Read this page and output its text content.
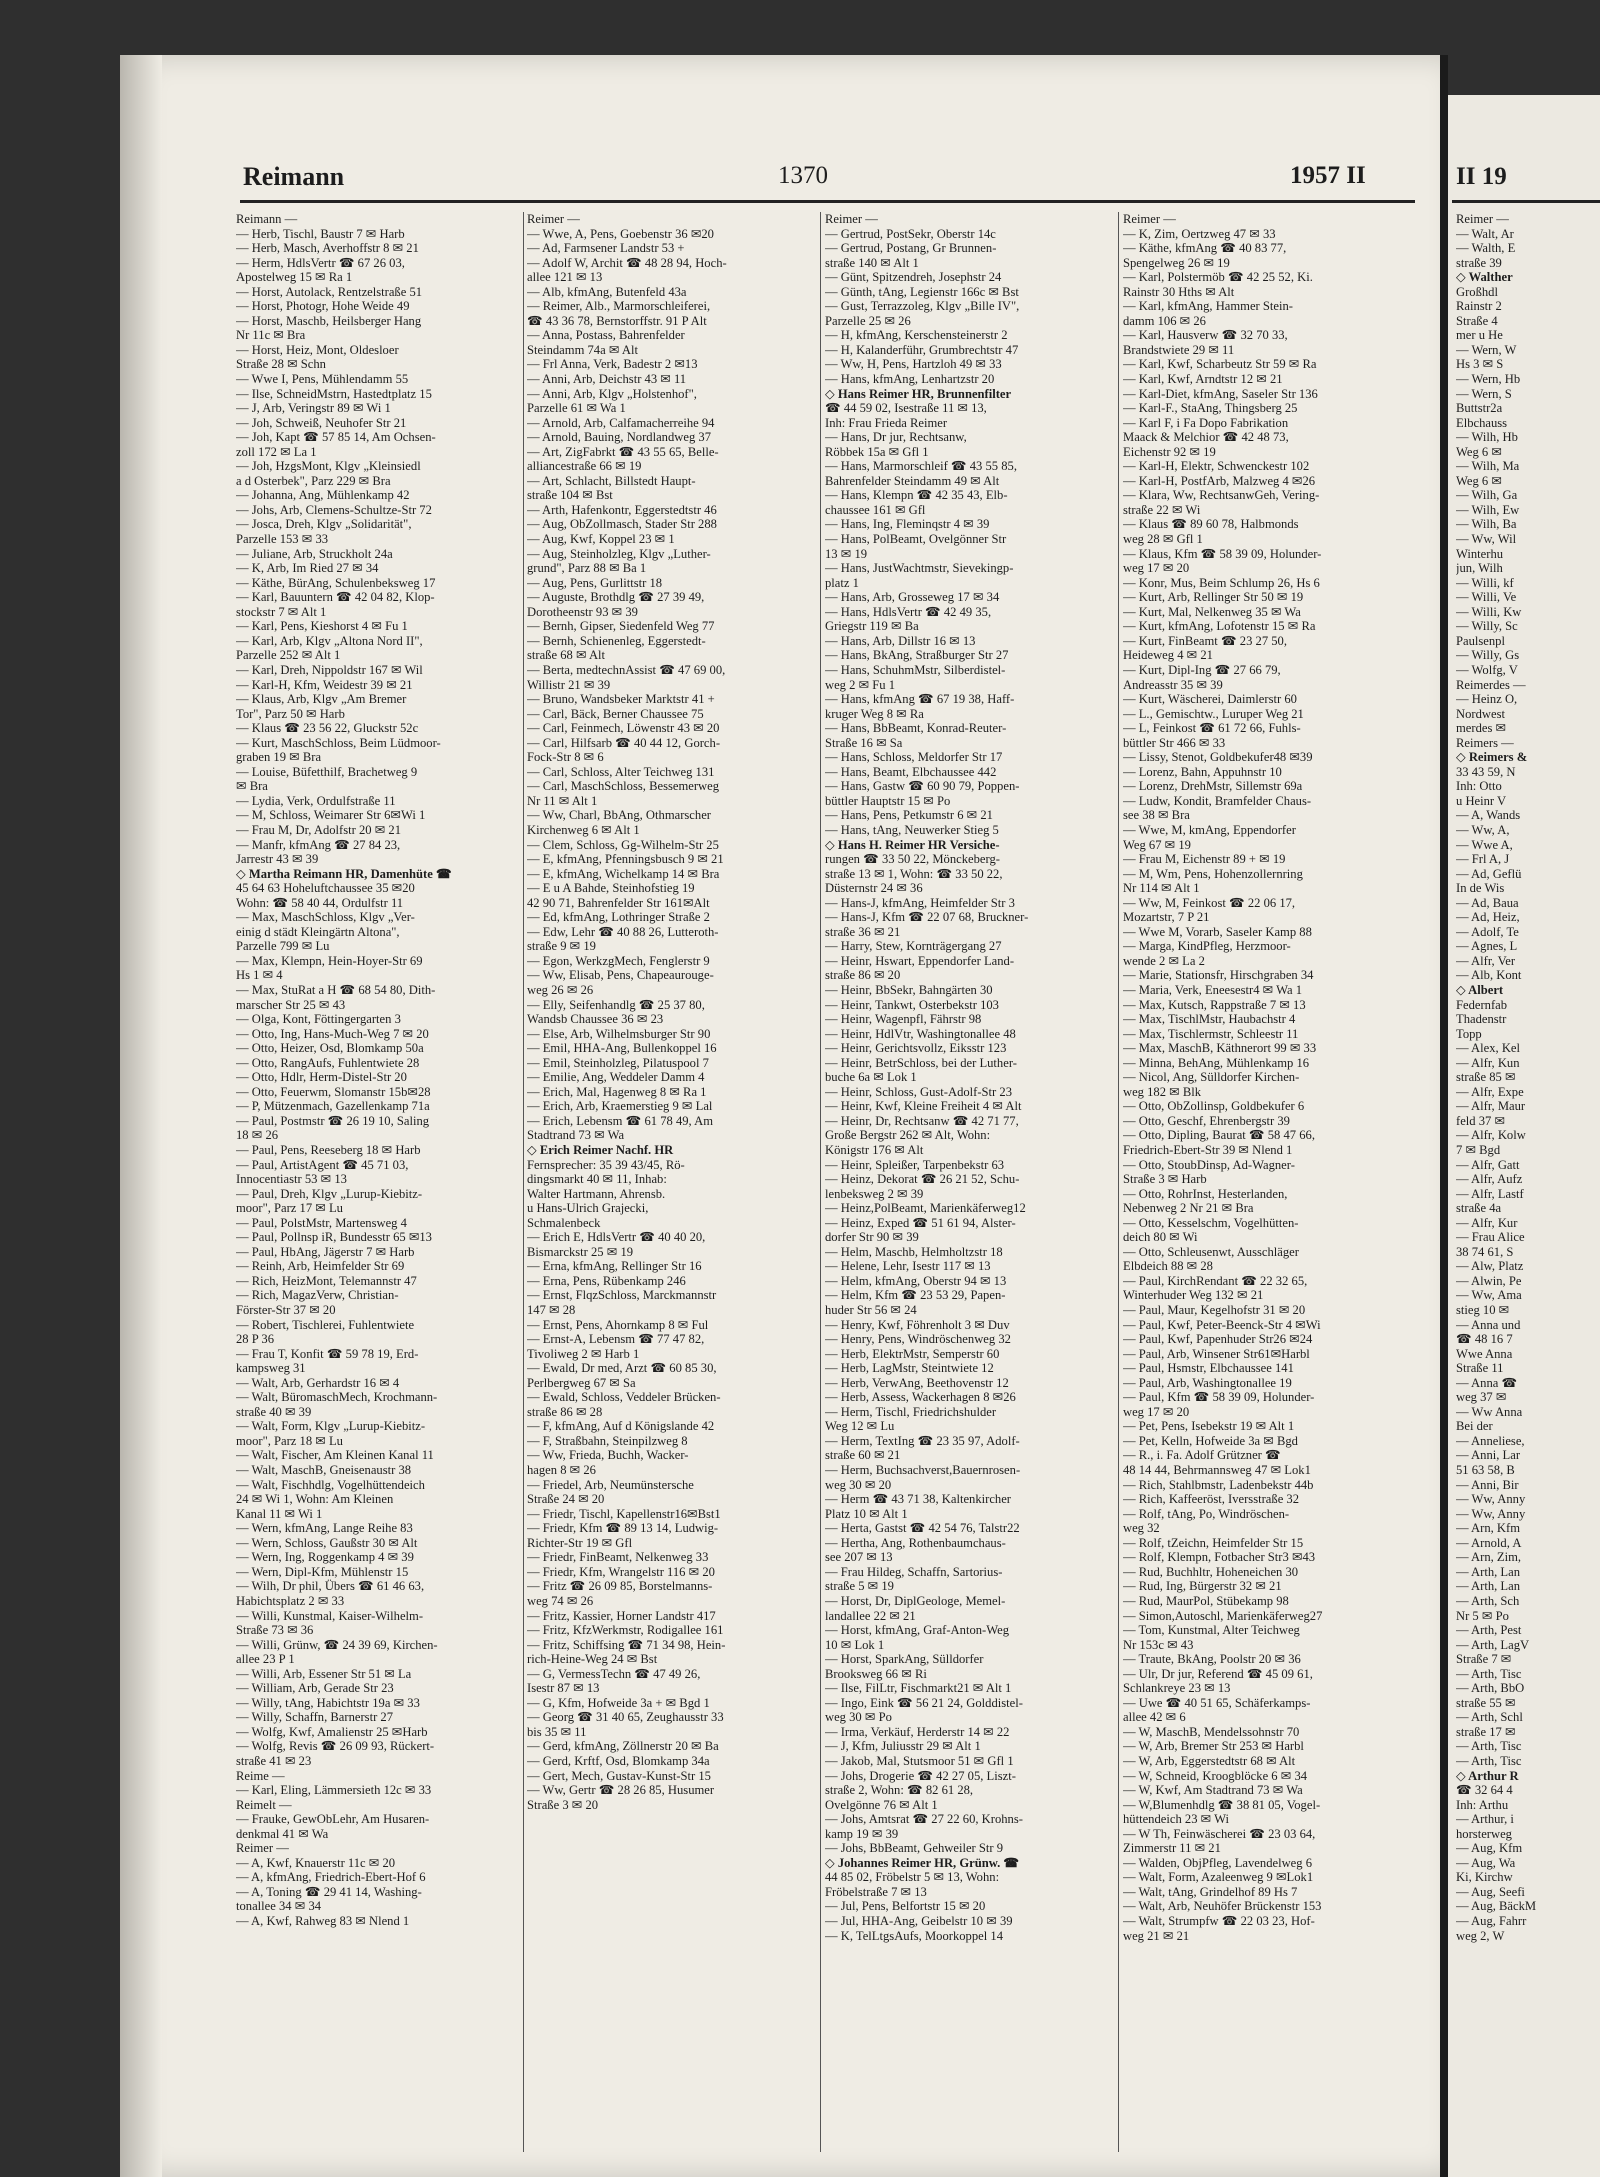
Reimann	1370	1957 II
Reimann —
— Herb, Tischl, Baustr 7 ✉ Harb
— Herb, Masch, Averhoffstr 8 ✉ 21
— Herm, HdlsVertr ☎ 67 26 03,
Apostelweg 15 ✉ Ra 1
— Horst, Autolack, Rentzelstraße 51
— Horst, Photogr, Hohe Weide 49
— Horst, Maschb, Heilsberger Hang
Nr 11c ✉ Bra
— Horst, Heiz, Mont, Oldesloer
Straße 28 ✉ Schn
— Wwe I, Pens, Mühlendamm 55
— Ilse, SchneidMstrn, Hastedtplatz 15
— J, Arb, Veringstr 89 ✉ Wi 1
— Joh, Schweiß, Neuhofer Str 21
— Joh, Kapt ☎ 57 85 14, Am Ochsen-
zoll 172 ✉ La 1
— Joh, HzgsMont, Klgv „Kleinsiedl
a d Osterbek", Parz 229 ✉ Bra
— Johanna, Ang, Mühlenkamp 42
— Johs, Arb, Clemens-Schultze-Str 72
— Josca, Dreh, Klgv „Solidarität",
Parzelle 153 ✉ 33
— Juliane, Arb, Struckholt 24a
— K, Arb, Im Ried 27 ✉ 34
— Käthe, BürAng, Schulenbeksweg 17
— Karl, Bauuntern ☎ 42 04 82, Klop-
stockstr 7 ✉ Alt 1
— Karl, Pens, Kieshorst 4 ✉ Fu 1
— Karl, Arb, Klgv „Altona Nord II",
Parzelle 252 ✉ Alt 1
— Karl, Dreh, Nippoldstr 167 ✉ Wil
— Karl-H, Kfm, Weidestr 39 ✉ 21
— Klaus, Arb, Klgv „Am Bremer
Tor", Parz 50 ✉ Harb
— Klaus ☎ 23 56 22, Gluckstr 52c
— Kurt, MaschSchloss, Beim Lüdmoor-
graben 19 ✉ Bra
— Louise, Büfetthilf, Brachetweg 9
✉ Bra
— Lydia, Verk, Ordulfstraße 11
— M, Schloss, Weimarer Str 6✉Wi 1
— Frau M, Dr, Adolfstr 20 ✉ 21
— Manfr, kfmAng ☎ 27 84 23,
Jarrestr 43 ✉ 39
◇ Martha Reimann HR, Damenhüte ☎
45 64 63 Hoheluftchaussee 35 ✉20
Wohn: ☎ 58 40 44, Ordulfstr 11
— Max, MaschSchloss, Klgv „Ver-
einig d städt Kleingärtn Altona",
Parzelle 799 ✉ Lu
— Max, Klempn, Hein-Hoyer-Str 69
Hs 1 ✉ 4
— Max, StuRat a H ☎ 68 54 80, Dith-
marscher Str 25 ✉ 43
— Olga, Kont, Föttingergarten 3
— Otto, Ing, Hans-Much-Weg 7 ✉ 20
— Otto, Heizer, Osd, Blomkamp 50a
— Otto, RangAufs, Fuhlentwiete 28
— Otto, Hdlr, Herm-Distel-Str 20
— Otto, Feuerwm, Slomanstr 15b✉28
— P, Mützenmach, Gazellenkamp 71a
— Paul, Postmstr ☎ 26 19 10, Saling
18 ✉ 26
— Paul, Pens, Reeseberg 18 ✉ Harb
— Paul, ArtistAgent ☎ 45 71 03,
Innocentiastr 53 ✉ 13
— Paul, Dreh, Klgv „Lurup-Kiebitz-
moor", Parz 17 ✉ Lu
— Paul, PolstMstr, Martensweg 4
— Paul, Pollnsp iR, Bundesstr 65 ✉13
— Paul, HbAng, Jägerstr 7 ✉ Harb
— Reinh, Arb, Heimfelder Str 69
— Rich, HeizMont, Telemannstr 47
— Rich, MagazVerw, Christian-
Förster-Str 37 ✉ 20
— Robert, Tischlerei, Fuhlentwiete
28 P 36
— Frau T, Konfit ☎ 59 78 19, Erd-
kampsweg 31
— Walt, Arb, Gerhardstr 16 ✉ 4
— Walt, BüromaschMech, Krochmann-
straße 40 ✉ 39
— Walt, Form, Klgv „Lurup-Kiebitz-
moor", Parz 18 ✉ Lu
— Walt, Fischer, Am Kleinen Kanal 11
— Walt, MaschB, Gneisenaustr 38
— Walt, Fischhdlg, Vogelhüttendeich
24 ✉ Wi 1, Wohn: Am Kleinen
Kanal 11 ✉ Wi 1
— Wern, kfmAng, Lange Reihe 83
— Wern, Schloss, Gaußstr 30 ✉ Alt
— Wern, Ing, Roggenkamp 4 ✉ 39
— Wern, Dipl-Kfm, Mühlenstr 15
— Wilh, Dr phil, Übers ☎ 61 46 63,
Habichtsplatz 2 ✉ 33
— Willi, Kunstmal, Kaiser-Wilhelm-
Straße 73 ✉ 36
— Willi, Grünw, ☎ 24 39 69, Kirchen-
allee 23 P 1
— Willi, Arb, Essener Str 51 ✉ La
— William, Arb, Gerade Str 23
— Willy, tAng, Habichtstr 19a ✉ 33
— Willy, Schaffn, Barnerstr 27
— Wolfg, Kwf, Amalienstr 25 ✉Harb
— Wolfg, Revis ☎ 26 09 93, Rückert-
straße 41 ✉ 23
Reime —
— Karl, Eling, Lämmersieth 12c ✉ 33
Reimelt —
— Frauke, GewObLehr, Am Husaren-
denkmal 41 ✉ Wa
Reimer —
— A, Kwf, Knauerstr 11c ✉ 20
— A, kfmAng, Friedrich-Ebert-Hof 6
— A, Toning ☎ 29 41 14, Washing-
tonallee 34 ✉ 34
— A, Kwf, Rahweg 83 ✉ Nlend 1
Reimer —
— Wwe, A, Pens, Goebenstr 36 ✉20
— Ad, Farmsener Landstr 53 +
— Adolf W, Archit ☎ 48 28 94, Hoch-
allee 121 ✉ 13
— Alb, kfmAng, Butenfeld 43a
— Reimer, Alb., Marmorschleiferei,
☎ 43 36 78, Bernstorffstr. 91 P Alt
— Anna, Postass, Bahrenfelder
Steindamm 74a ✉ Alt
— Frl Anna, Verk, Badestr 2 ✉13
— Anni, Arb, Deichstr 43 ✉ 11
— Anni, Arb, Klgv „Holstenhof",
Parzelle 61 ✉ Wa 1
— Arnold, Arb, Calfamacherreihe 94
— Arnold, Bauing, Nordlandweg 37
— Art, ZigFabrkt ☎ 43 55 65, Belle-
alliancestraße 66 ✉ 19
— Art, Schlacht, Billstedt Haupt-
straße 104 ✉ Bst
— Arth, Hafenkontr, Eggerstedtstr 46
— Aug, ObZollmasch, Stader Str 288
— Aug, Kwf, Koppel 23 ✉ 1
— Aug, Steinholzleg, Klgv „Luther-
grund", Parz 88 ✉ Ba 1
— Aug, Pens, Gurlittstr 18
— Auguste, Brothdlg ☎ 27 39 49,
Dorotheenstr 93 ✉ 39
— Bernh, Gipser, Siedenfeld Weg 77
— Bernh, Schienenleg, Eggerstedt-
straße 68 ✉ Alt
— Berta, medtechnAssist ☎ 47 69 00,
Willistr 21 ✉ 39
— Bruno, Wandsbeker Marktstr 41 +
— Carl, Bäck, Berner Chaussee 75
— Carl, Feinmech, Löwenstr 43 ✉ 20
— Carl, Hilfsarb ☎ 40 44 12, Gorch-
Fock-Str 8 ✉ 6
— Carl, Schloss, Alter Teichweg 131
— Carl, MaschSchloss, Bessemerweg
Nr 11 ✉ Alt 1
— Ww, Charl, BbAng, Othmarscher
Kirchenweg 6 ✉ Alt 1
— Clem, Schloss, Gg-Wilhelm-Str 25
— E, kfmAng, Pfenningsbusch 9 ✉ 21
— E, kfmAng, Wichelkamp 14 ✉ Bra
— E u A Bahde, Steinhofstieg 19
42 90 71, Bahrenfelder Str 161✉Alt
— Ed, kfmAng, Lothringer Straße 2
— Edw, Lehr ☎ 40 88 26, Lutteroth-
straße 9 ✉ 19
— Egon, WerkzgMech, Fenglerstr 9
— Ww, Elisab, Pens, Chapeaurouge-
weg 26 ✉ 26
— Elly, Seifenhandlg ☎ 25 37 80,
Wandsb Chaussee 36 ✉ 23
— Else, Arb, Wilhelmsburger Str 90
— Emil, HHA-Ang, Bullenkoppel 16
— Emil, Steinholzleg, Pilatuspool 7
— Emilie, Ang, Weddeler Damm 4
— Erich, Mal, Hagenweg 8 ✉ Ra 1
— Erich, Arb, Kraemerstieg 9 ✉ Lal
— Erich, Lebensm ☎ 61 78 49, Am
Stadtrand 73 ✉ Wa
◇ Erich Reimer Nachf. HR
Fernsprecher: 35 39 43/45, Rö-
dingsmarkt 40 ✉ 11, Inhab:
Walter Hartmann, Ahrensb.
u Hans-Ulrich Grajecki,
Schmalenbeck
— Erich E, HdlsVertr ☎ 40 40 20,
Bismarckstr 25 ✉ 19
— Erna, kfmAng, Rellinger Str 16
— Erna, Pens, Rübenkamp 246
— Ernst, FlqzSchloss, Marckmannstr
147 ✉ 28
— Ernst, Pens, Ahornkamp 8 ✉ Ful
— Ernst-A, Lebensm ☎ 77 47 82,
Tivoliweg 2 ✉ Harb 1
— Ewald, Dr med, Arzt ☎ 60 85 30,
Perlbergweg 67 ✉ Sa
— Ewald, Schloss, Veddeler Brücken-
straße 86 ✉ 28
— F, kfmAng, Auf d Königslande 42
— F, Straßbahn, Steinpilzweg 8
— Ww, Frieda, Buchh, Wacker-
hagen 8 ✉ 26
— Friedel, Arb, Neumünstersche
Straße 24 ✉ 20
— Friedr, Tischl, Kapellenstr16✉Bst1
— Friedr, Kfm ☎ 89 13 14, Ludwig-
Richter-Str 19 ✉ Gfl
— Friedr, FinBeamt, Nelkenweg 33
— Friedr, Kfm, Wrangelstr 116 ✉ 20
— Fritz ☎ 26 09 85, Borstelmanns-
weg 74 ✉ 26
— Fritz, Kassier, Horner Landstr 417
— Fritz, KfzWerkmstr, Rodigallee 161
— Fritz, Schiffsing ☎ 71 34 98, Hein-
rich-Heine-Weg 24 ✉ Bst
— G, VermessTechn ☎ 47 49 26,
Isestr 87 ✉ 13
— G, Kfm, Hofweide 3a + ✉ Bgd 1
— Georg ☎ 31 40 65, Zeughausstr 33
bis 35 ✉ 11
— Gerd, kfmAng, Zöllnerstr 20 ✉ Ba
— Gerd, Krftf, Osd, Blomkamp 34a
— Gert, Mech, Gustav-Kunst-Str 15
— Ww, Gertr ☎ 28 26 85, Husumer
Straße 3 ✉ 20
Reimer —
— Gertrud, PostSekr, Oberstr 14c
— Gertrud, Postang, Gr Brunnen-
straße 140 ✉ Alt 1
— Günt, Spitzendreh, Josephstr 24
— Günth, tAng, Legienstr 166c ✉ Bst
— Gust, Terrazzoleg, Klgv „Bille IV",
Parzelle 25 ✉ 26
— H, kfmAng, Kerschensteinerstr 2
— H, Kalanderführ, Grumbrechtstr 47
— Ww, H, Pens, Hartzloh 49 ✉ 33
— Hans, kfmAng, Lenhartzstr 20
◇ Hans Reimer HR, Brunnenfilter
☎ 44 59 02, Isestraße 11 ✉ 13,
Inh: Frau Frieda Reimer
— Hans, Dr jur, Rechtsanw,
Röbbek 15a ✉ Gfl 1
— Hans, Marmorschleif ☎ 43 55 85,
Bahrenfelder Steindamm 49 ✉ Alt
— Hans, Klempn ☎ 42 35 43, Elb-
chaussee 161 ✉ Gfl
— Hans, Ing, Fleminqstr 4 ✉ 39
— Hans, PolBeamt, Ovelgönner Str
13 ✉ 19
— Hans, JustWachtmstr, Sievekingp-
platz 1
— Hans, Arb, Grosseweg 17 ✉ 34
— Hans, HdlsVertr ☎ 42 49 35,
Griegstr 119 ✉ Ba
— Hans, Arb, Dillstr 16 ✉ 13
— Hans, BkAng, Straßburger Str 27
— Hans, SchuhmMstr, Silberdistel-
weg 2 ✉ Fu 1
— Hans, kfmAng ☎ 67 19 38, Haff-
kruger Weg 8 ✉ Ra
— Hans, BbBeamt, Konrad-Reuter-
Straße 16 ✉ Sa
— Hans, Schloss, Meldorfer Str 17
— Hans, Beamt, Elbchaussee 442
— Hans, Gastw ☎ 60 90 79, Poppen-
büttler Hauptstr 15 ✉ Po
— Hans, Pens, Petkumstr 6 ✉ 21
— Hans, tAng, Neuwerker Stieg 5
◇ Hans H. Reimer HR Versiche-
rungen ☎ 33 50 22, Mönckeberg-
straße 13 ✉ 1, Wohn: ☎ 33 50 22,
Düsternstr 24 ✉ 36
— Hans-J, kfmAng, Heimfelder Str 3
— Hans-J, Kfm ☎ 22 07 68, Bruckner-
straße 36 ✉ 21
— Harry, Stew, Kornträgergang 27
— Heinr, Hswart, Eppendorfer Land-
straße 86 ✉ 20
— Heinr, BbSekr, Bahngärten 30
— Heinr, Tankwt, Osterbekstr 103
— Heinr, Wagenpfl, Fährstr 98
— Heinr, HdlVtr, Washingtonallee 48
— Heinr, Gerichtsvollz, Eiksstr 123
— Heinr, BetrSchloss, bei der Luther-
buche 6a ✉ Lok 1
— Heinr, Schloss, Gust-Adolf-Str 23
— Heinr, Kwf, Kleine Freiheit 4 ✉ Alt
— Heinr, Dr, Rechtsanw ☎ 42 71 77,
Große Bergstr 262 ✉ Alt, Wohn:
Königstr 176 ✉ Alt
— Heinr, Spleißer, Tarpenbekstr 63
— Heinz, Dekorat ☎ 26 21 52, Schu-
lenbeksweg 2 ✉ 39
— Heinz,PolBeamt, Marienkäferweg12
— Heinz, Exped ☎ 51 61 94, Alster-
dorfer Str 90 ✉ 39
— Helm, Maschb, Helmholtzstr 18
— Helene, Lehr, Isestr 117 ✉ 13
— Helm, kfmAng, Oberstr 94 ✉ 13
— Helm, Kfm ☎ 23 53 29, Papen-
huder Str 56 ✉ 24
— Henry, Kwf, Föhrenholt 3 ✉ Duv
— Henry, Pens, Windröschenweg 32
— Herb, ElektrMstr, Semperstr 60
— Herb, LagMstr, Steintwiete 12
— Herb, VerwAng, Beethovenstr 12
— Herb, Assess, Wackerhagen 8 ✉26
— Herm, Tischl, Friedrichshulder
Weg 12 ✉ Lu
— Herm, TextIng ☎ 23 35 97, Adolf-
straße 60 ✉ 21
— Herm, Buchsachverst,Bauernrosen-
weg 30 ✉ 20
— Herm ☎ 43 71 38, Kaltenkircher
Platz 10 ✉ Alt 1
— Herta, Gastst ☎ 42 54 76, Talstr22
— Hertha, Ang, Rothenbaumchaus-
see 207 ✉ 13
— Frau Hildeg, Schaffn, Sartorius-
straße 5 ✉ 19
— Horst, Dr, DiplGeologe, Memel-
landallee 22 ✉ 21
— Horst, kfmAng, Graf-Anton-Weg
10 ✉ Lok 1
— Horst, SparkAng, Sülldorfer
Brooksweg 66 ✉ Ri
— Ilse, FilLtr, Fischmarkt21 ✉ Alt 1
— Ingo, Eink ☎ 56 21 24, Golddistel-
weg 30 ✉ Po
— Irma, Verkäuf, Herderstr 14 ✉ 22
— J, Kfm, Juliusstr 29 ✉ Alt 1
— Jakob, Mal, Stutsmoor 51 ✉ Gfl 1
— Johs, Drogerie ☎ 42 27 05, Liszt-
straße 2, Wohn: ☎ 82 61 28,
Ovelgönne 76 ✉ Alt 1
— Johs, Amtsrat ☎ 27 22 60, Krohns-
kamp 19 ✉ 39
— Johs, BbBeamt, Gehweiler Str 9
◇ Johannes Reimer HR, Grünw. ☎
44 85 02, Fröbelstr 5 ✉ 13, Wohn:
Fröbelstraße 7 ✉ 13
— Jul, Pens, Belfortstr 15 ✉ 20
— Jul, HHA-Ang, Geibelstr 10 ✉ 39
— K, TelLtgsAufs, Moorkoppel 14
Reimer —
— K, Zim, Oertzweg 47 ✉ 33
— Käthe, kfmAng ☎ 40 83 77,
Spengelweg 26 ✉ 19
— Karl, Polstermöb ☎ 42 25 52, Ki.
Rainstr 30 Hths ✉ Alt
— Karl, kfmAng, Hammer Stein-
damm 106 ✉ 26
— Karl, Hausverw ☎ 32 70 33,
Brandstwiete 29 ✉ 11
— Karl, Kwf, Scharbeutz Str 59 ✉ Ra
— Karl, Kwf, Arndtstr 12 ✉ 21
— Karl-Diet, kfmAng, Saseler Str 136
— Karl-F., StaAng, Thingsberg 25
— Karl F, i Fa Dopo Fabrikation
Maack & Melchior ☎ 42 48 73,
Eichenstr 92 ✉ 19
— Karl-H, Elektr, Schwenckestr 102
— Karl-H, PostfArb, Malzweg 4 ✉26
— Klara, Ww, RechtsanwGeh, Vering-
straße 22 ✉ Wi
— Klaus ☎ 89 60 78, Halbmonds
weg 28 ✉ Gfl 1
— Klaus, Kfm ☎ 58 39 09, Holunder-
weg 17 ✉ 20
— Konr, Mus, Beim Schlump 26, Hs 6
— Kurt, Arb, Rellinger Str 50 ✉ 19
— Kurt, Mal, Nelkenweg 35 ✉ Wa
— Kurt, kfmAng, Lofotenstr 15 ✉ Ra
— Kurt, FinBeamt ☎ 23 27 50,
Heideweg 4 ✉ 21
— Kurt, Dipl-Ing ☎ 27 66 79,
Andreasstr 35 ✉ 39
— Kurt, Wäscherei, Daimlerstr 60
— L., Gemischtw., Luruper Weg 21
— L, Feinkost ☎ 61 72 66, Fuhls-
büttler Str 466 ✉ 33
— Lissy, Stenot, Goldbekufer48 ✉39
— Lorenz, Bahn, Appuhnstr 10
— Lorenz, DrehMstr, Sillemstr 69a
— Ludw, Kondit, Bramfelder Chaus-
see 38 ✉ Bra
— Wwe, M, kmAng, Eppendorfer
Weg 67 ✉ 19
— Frau M, Eichenstr 89 + ✉ 19
— M, Wm, Pens, Hohenzollernring
Nr 114 ✉ Alt 1
— Ww, M, Feinkost ☎ 22 06 17,
Mozartstr, 7 P 21
— Wwe M, Vorarb, Saseler Kamp 88
— Marga, KindPfleg, Herzmoor-
wende 2 ✉ La 2
— Marie, Stationsfr, Hirschgraben 34
— Maria, Verk, Eneesestr4 ✉ Wa 1
— Max, Kutsch, Rappstraße 7 ✉ 13
— Max, TischlMstr, Haubachstr 4
— Max, Tischlermstr, Schleestr 11
— Max, MaschB, Käthnerort 99 ✉ 33
— Minna, BehAng, Mühlenkamp 16
— Nicol, Ang, Sülldorfer Kirchen-
weg 182 ✉ Blk
— Otto, ObZollinsp, Goldbekufer 6
— Otto, Geschf, Ehrenbergstr 39
— Otto, Dipling, Baurat ☎ 58 47 66,
Friedrich-Ebert-Str 39 ✉ Nlend 1
— Otto, StoubDinsp, Ad-Wagner-
Straße 3 ✉ Harb
— Otto, RohrInst, Hesterlanden,
Nebenweg 2 Nr 21 ✉ Bra
— Otto, Kesselschm, Vogelhütten-
deich 80 ✉ Wi
— Otto, Schleusenwt, Ausschläger
Elbdeich 88 ✉ 28
— Paul, KirchRendant ☎ 22 32 65,
Winterhuder Weg 132 ✉ 21
— Paul, Maur, Kegelhofstr 31 ✉ 20
— Paul, Kwf, Peter-Beenck-Str 4 ✉Wi
— Paul, Kwf, Papenhuder Str26 ✉24
— Paul, Arb, Winsener Str61✉Harbl
— Paul, Hsmstr, Elbchaussee 141
— Paul, Arb, Washingtonallee 19
— Paul, Kfm ☎ 58 39 09, Holunder-
weg 17 ✉ 20
— Pet, Pens, Isebekstr 19 ✉ Alt 1
— Pet, Kelln, Hofweide 3a ✉ Bgd
— R., i. Fa. Adolf Grützner ☎
48 14 44, Behrmannsweg 47 ✉ Lok1
— Rich, Stahlbmstr, Ladenbekstr 44b
— Rich, Kaffeeröst, Iversstraße 32
— Rolf, tAng, Po, Windröschen-
weg 32
— Rolf, tZeichn, Heimfelder Str 15
— Rolf, Klempn, Fotbacher Str3 ✉43
— Rud, Buchhltr, Hoheneichen 30
— Rud, Ing, Bürgerstr 32 ✉ 21
— Rud, MaurPol, Stübekamp 98
— Simon,Autoschl, Marienkäferweg27
— Tom, Kunstmal, Alter Teichweg
Nr 153c ✉ 43
— Traute, BkAng, Poolstr 20 ✉ 36
— Ulr, Dr jur, Referend ☎ 45 09 61,
Schlankreye 23 ✉ 13
— Uwe ☎ 40 51 65, Schäferkamps-
allee 42 ✉ 6
— W, MaschB, Mendelssohnstr 70
— W, Arb, Bremer Str 253 ✉ Harbl
— W, Arb, Eggerstedtstr 68 ✉ Alt
— W, Schneid, Kroogblöcke 6 ✉ 34
— W, Kwf, Am Stadtrand 73 ✉ Wa
— W,Blumenhdlg ☎ 38 81 05, Vogel-
hüttendeich 23 ✉ Wi
— W Th, Feinwäscherei ☎ 23 03 64,
Zimmerstr 11 ✉ 21
— Walden, ObjPfleg, Lavendelweg 6
— Walt, Form, Azaleenweg 9 ✉Lok1
— Walt, tAng, Grindelhof 89 Hs 7
— Walt, Arb, Neuhöfer Brückenstr 153
— Walt, Strumpfw ☎ 22 03 23, Hof-
weg 21 ✉ 21
II 19
Reimer —
— Walt, Ar
— Walth, E
straße 39
◇ Walther
Großhdl
Rainstr 2
Straße 4
mer u He
— Wern, W
Hs 3 ✉ S
— Wern, Hb
— Wern, S
Buttstr2a
Elbchauss
— Wilh, Hb
Weg 6 ✉
— Wilh, Ma
Weg 6 ✉
— Wilh, Ga
— Wilh, Ew
— Wilh, Ba
— Ww, Wil
Winterhu
jun, Wilh
— Willi, kf
— Willi, Ve
— Willi, Kw
— Willy, Sc
Paulsenpl
— Willy, Gs
— Wolfg, V
Reimerdes —
— Heinz O,
Nordwest
merdes ✉
Reimers —
◇ Reimers &
33 43 59, N
Inh: Otto
u Heinr V
— A, Wands
— Ww, A,
— Wwe A,
— Frl A, J
— Ad, Geflü
In de Wis
— Ad, Baua
— Ad, Heiz,
— Adolf, Te
— Agnes, L
— Alfr, Ver
— Alb, Kont
◇ Albert
Federnfab
Thadenstr
Topp
— Alex, Kel
— Alfr, Kun
straße 85 ✉
— Alfr, Expe
— Alfr, Maur
feld 37 ✉
— Alfr, Kolw
7 ✉ Bgd
— Alfr, Gatt
— Alfr, Aufz
— Alfr, Lastf
straße 4a
— Alfr, Kur
— Frau Alice
38 74 61, S
— Alw, Platz
— Alwin, Pe
— Ww, Ama
stieg 10 ✉
— Anna und
☎ 48 16 7
Wwe Anna
Straße 11
— Anna ☎
weg 37 ✉
— Ww Anna
Bei der
— Anneliese,
— Anni, Lar
51 63 58, B
— Anni, Bir
— Ww, Anny
— Ww, Anny
— Arn, Kfm
— Arnold, A
— Arn, Zim,
— Arth, Lan
— Arth, Lan
— Arth, Sch
Nr 5 ✉ Po
— Arth, Pest
— Arth, LagV
Straße 7 ✉
— Arth, Tisc
— Arth, BbO
straße 55 ✉
— Arth, Schl
straße 17 ✉
— Arth, Tisc
— Arth, Tisc
◇ Arthur R
☎ 32 64 4
Inh: Arthu
— Arthur, i
horsterweg
— Aug, Kfm
— Aug, Wa
Ki, Kirchw
— Aug, Seefi
— Aug, BäckM
— Aug, Fahrr
weg 2, W
